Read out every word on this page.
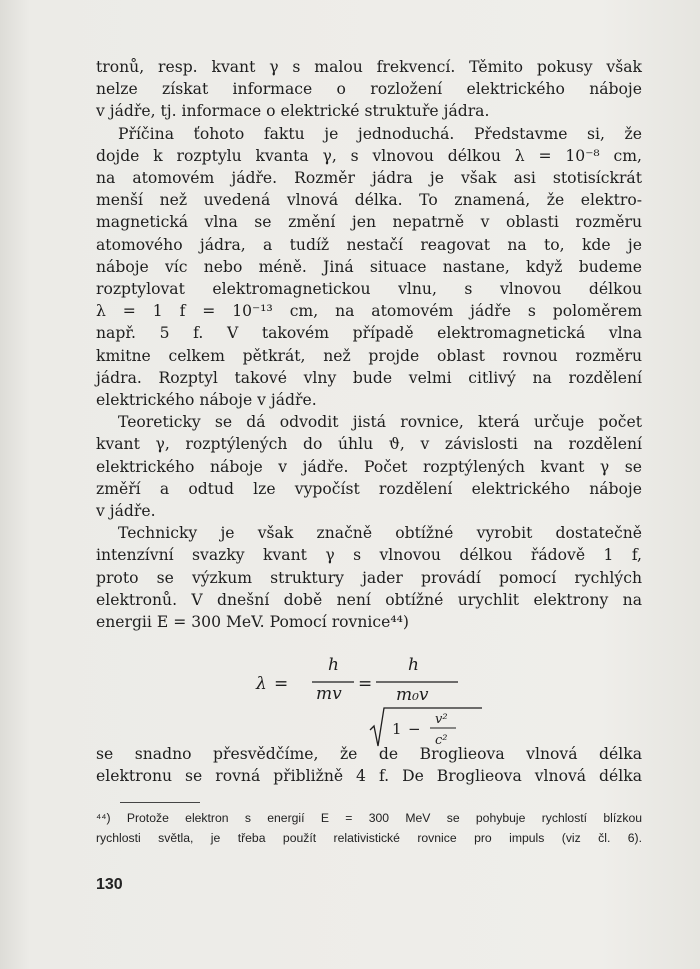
tronů, resp. kvant γ s malou frekvencí. Těmito pokusy však

nelze získat informace o rozložení elektrického náboje

v jádře, tj. informace o elektrické struktuře jádra.

Příčina ťohoto faktu je jednoduchá. Představme si, že

dojde k rozptylu kvanta γ, s vlnovou délkou λ = 10⁻⁸ cm,

na atomovém jádře. Rozměr jádra je však asi stotisíckrát

menší než uvedená vlnová délka. To znamená, že elektro-

magnetická vlna se změní jen nepatrně v oblasti rozměru

atomového jádra, a tudíž nestačí reagovat na to, kde je

náboje víc nebo méně. Jiná situace nastane, když budeme

rozptylovat elektromagnetickou vlnu, s vlnovou délkou

λ = 1 f = 10⁻¹³ cm, na atomovém jádře s poloměrem

např. 5 f. V takovém případě elektromagnetická vlna

kmitne celkem pětkrát, než projde oblast rovnou rozměru

jádra. Rozptyl takové vlny bude velmi citlivý na rozdělení

elektrického náboje v jádře.

Teoreticky se dá odvodit jistá rovnice, která určuje počet

kvant γ, rozptýlených do úhlu ϑ, v závislosti na rozdělení

elektrického náboje v jádře. Počet rozptýlených kvant γ se

změří a odtud lze vypočíst rozdělení elektrického náboje

v jádře.

Technicky je však značně obtížné vyrobit dostatečně

intenzívní svazky kvant γ s vlnovou délkou řádově 1 f,

proto se výzkum struktury jader provádí pomocí rychlých

elektronů. V dnešní době není obtížné urychlit elektrony na

energii E = 300 MeV. Pomocí rovnice⁴⁴)

se snadno přesvědčíme, že de Broglieova vlnová délka

elektronu se rovná přibližně 4 f. De Broglieova vlnová délka

λ =
h
mv =
h
m₀v
1 −
v²
c²

⁴⁴) Protože elektron s energií E = 300 MeV se pohybuje rychlostí blízkou

rychlosti světla, je třeba použít relativistické rovnice pro impuls (viz čl. 6).

130
